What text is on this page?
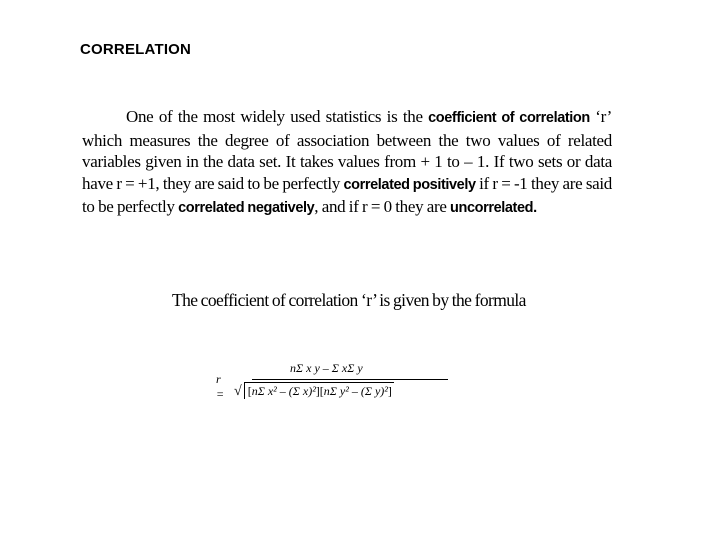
CORRELATION
One of the most widely used statistics is the coefficient of correlation ‘r’ which measures the degree of association between the two values of related variables given in the data set. It takes values from + 1 to – 1. If two sets or data have r = +1, they are said to be perfectly correlated positively if r = -1 they are said to be perfectly correlated negatively, and if r = 0 they are uncorrelated.
The coefficient of correlation ‘r’ is given by the formula
r =
nΣ x y – Σ xΣ y
√ [nΣ x² – (Σ x)²][nΣ y² – (Σ y)²]
